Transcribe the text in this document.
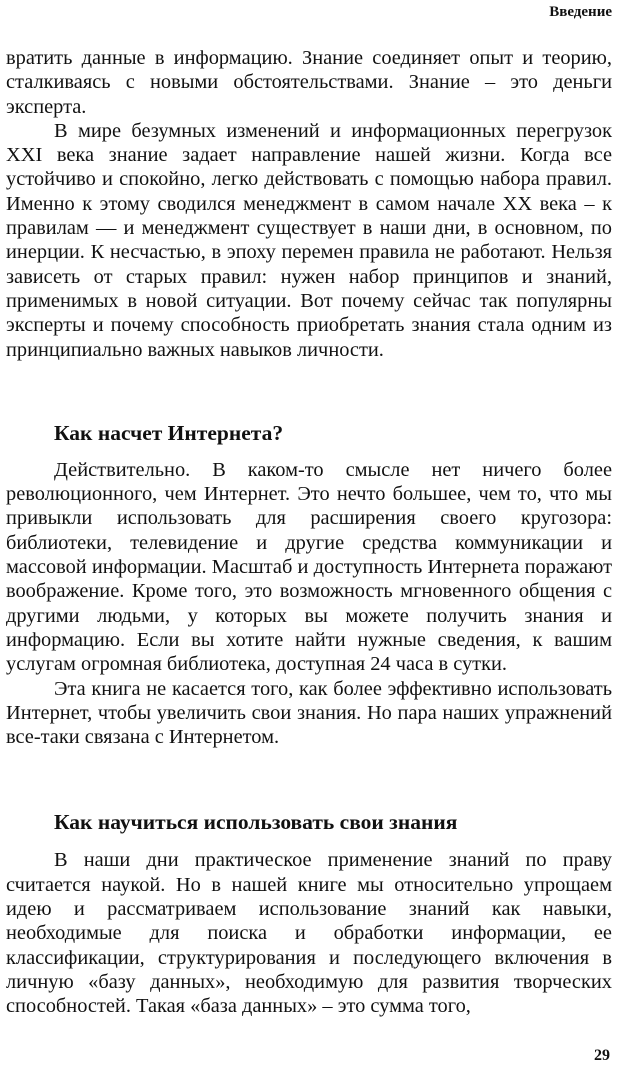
Введение

вратить данные в информацию. Знание соединяет опыт и теорию, сталкиваясь с новыми обстоятельствами. Знание – это деньги эксперта.

В мире безумных изменений и информационных перегрузок XXI века знание задает направление нашей жизни. Когда все устойчиво и спокойно, легко действовать с помощью набора правил. Именно к этому сводился менеджмент в самом начале XX века – к правилам — и менеджмент существует в наши дни, в основном, по инерции. К несчастью, в эпоху перемен правила не работают. Нельзя зависеть от старых правил: нужен набор принципов и знаний, применимых в новой ситуации. Вот почему сейчас так популярны эксперты и почему способность приобретать знания стала одним из принципиально важных навыков личности.

Как насчет Интернета?

Действительно. В каком-то смысле нет ничего более революционного, чем Интернет. Это нечто большее, чем то, что мы привыкли использовать для расширения своего кругозора: библиотеки, телевидение и другие средства коммуникации и массовой информации. Масштаб и доступность Интернета поражают воображение. Кроме того, это возможность мгновенного общения с другими людьми, у которых вы можете получить знания и информацию. Если вы хотите найти нужные сведения, к вашим услугам огромная библиотека, доступная 24 часа в сутки.

Эта книга не касается того, как более эффективно использовать Интернет, чтобы увеличить свои знания. Но пара наших упражнений все-таки связана с Интернетом.

Как научиться использовать свои знания

В наши дни практическое применение знаний по праву считается наукой. Но в нашей книге мы относительно упрощаем идею и рассматриваем использование знаний как навыки, необходимые для поиска и обработки информации, ее классификации, структурирования и последующего включения в личную «базу данных», необходимую для развития творческих способностей. Такая «база данных» – это сумма того,

29
